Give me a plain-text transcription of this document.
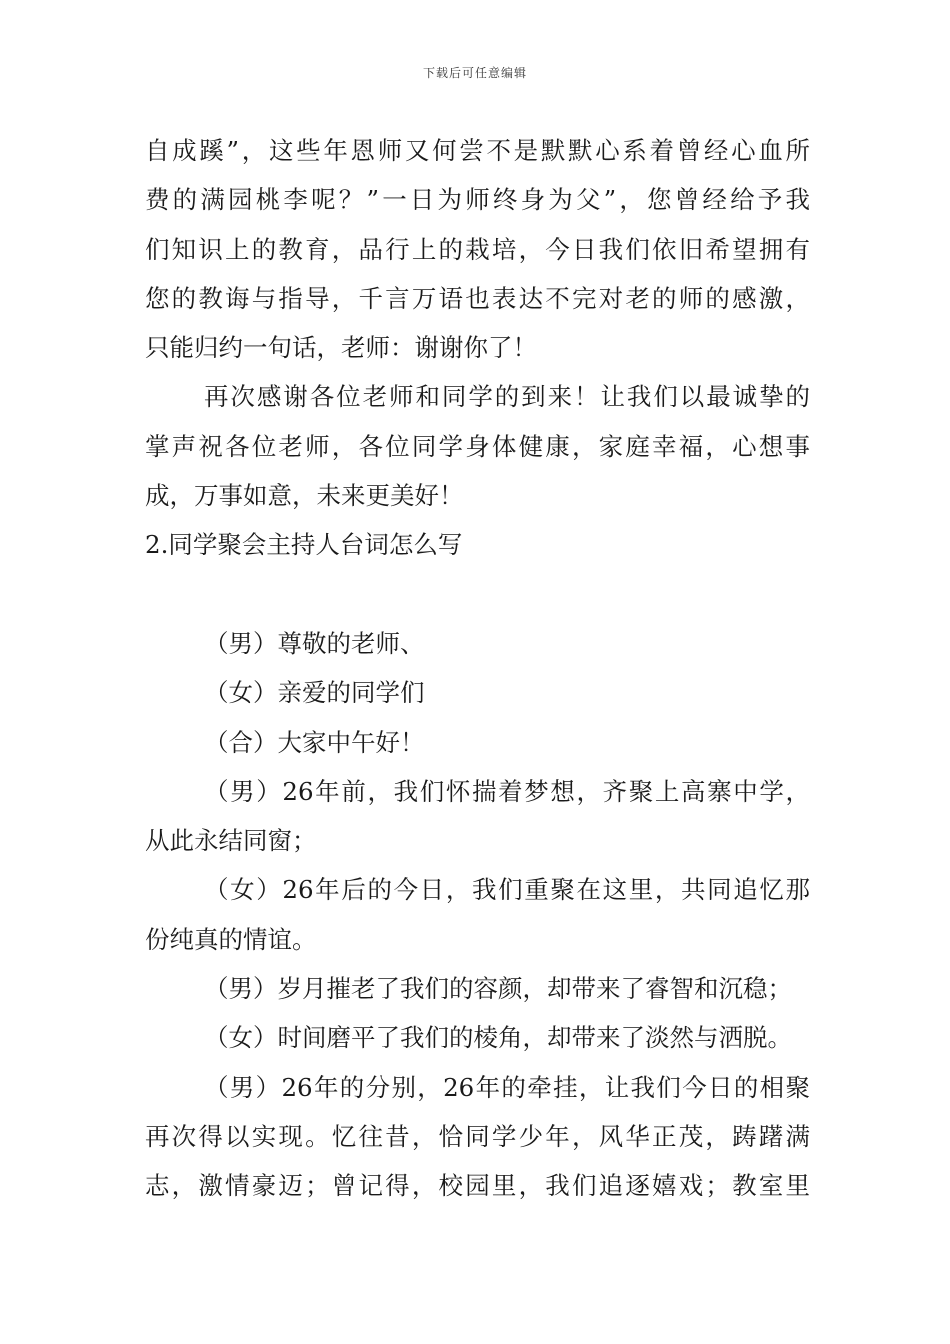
下载后可任意编辑
自成蹊”，这些年恩师又何尝不是默默心系着曾经心血所
费的满园桃李呢？”一日为师终身为父”，您曾经给予我
们知识上的教育，品行上的栽培，今日我们依旧希望拥有
您的教诲与指导，千言万语也表达不完对老的师的感激，
只能归约一句话，老师：谢谢你了！
再次感谢各位老师和同学的到来！让我们以最诚挚的
掌声祝各位老师，各位同学身体健康，家庭幸福，心想事
成，万事如意，未来更美好！
2.同学聚会主持人台词怎么写
（男）尊敬的老师、
（女）亲爱的同学们
（合）大家中午好！
（男）26年前，我们怀揣着梦想，齐聚上高寨中学，
从此永结同窗；
（女）26年后的今日，我们重聚在这里，共同追忆那
份纯真的情谊。
（男）岁月摧老了我们的容颜，却带来了睿智和沉稳；
（女）时间磨平了我们的棱角，却带来了淡然与洒脱。
（男）26年的分别，26年的牵挂，让我们今日的相聚
再次得以实现。忆往昔，恰同学少年，风华正茂，踌躇满
志，激情豪迈；曾记得，校园里，我们追逐嬉戏；教室里
